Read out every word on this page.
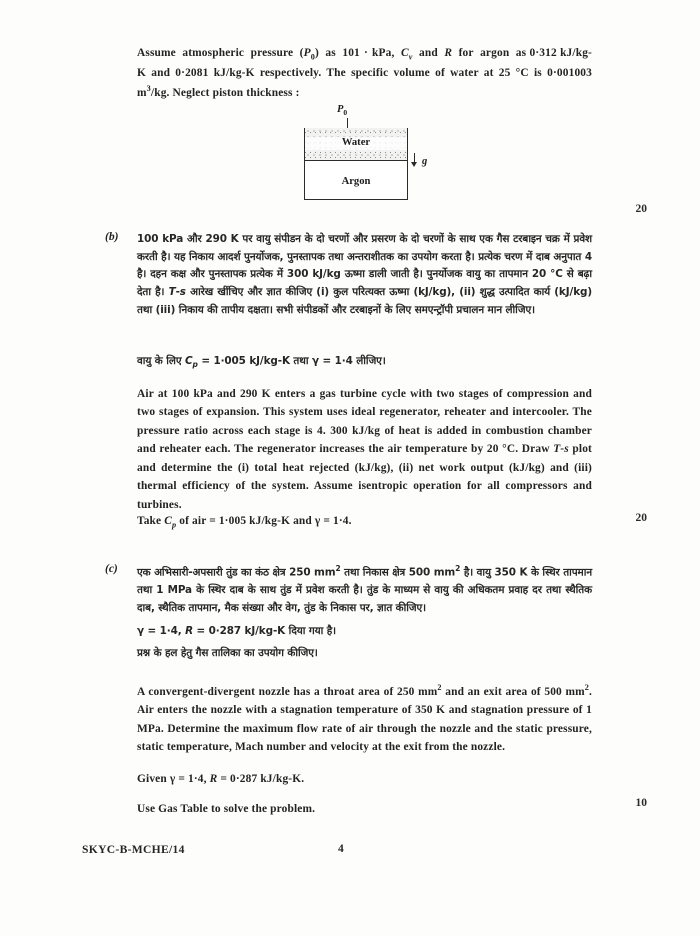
Assume  atmospheric  pressure  $(P_0)$  as  101 · kPa,  $C_v$  and  R  for  argon  as 0·312 kJ/kg-K and 0·2081 kJ/kg-K respectively. The specific volume of water at 25 °C is 0·001003 $m^3/kg$. Neglect piston thickness :
$P_0$
Water
Argon
g
20
(b) 100 kPa और 290 K पर वायु संपीडन के दो चरणों और प्रसरण के दो चरणों के साथ एक गैस टरबाइन चक्र में प्रवेश करती है। यह निकाय आदर्श पुनर्योजक, पुनस्तापक तथा अन्तराशीतक का उपयोग करता है। प्रत्येक चरण में दाब अनुपात 4 है। दहन कक्ष और पुनस्तापक प्रत्येक में 300 kJ/kg ऊष्मा डाली जाती है। पुनर्योजक वायु का तापमान 20 °C से बढ़ा देता है। T-s आरेख खींचिए और ज्ञात कीजिए (i) कुल परित्यक्त ऊष्मा (kJ/kg), (ii) शुद्ध उत्पादित कार्य (kJ/kg) तथा (iii) निकाय की तापीय दक्षता। सभी संपीडकों और टरबाइनों के लिए समएन्ट्रॉपी प्रचालन मान लीजिए।
वायु के लिए $C_p = 1\cdot 005$ kJ/kg-K तथा γ = 1·4 लीजिए।
Air at 100 kPa and 290 K enters a gas turbine cycle with two stages of compression and two stages of expansion. This system uses ideal regenerator, reheater and intercooler. The pressure ratio across each stage is 4. 300 kJ/kg of heat is added in combustion chamber and reheater each. The regenerator increases the air temperature by 20 °C. Draw T-s plot and determine the (i) total heat rejected (kJ/kg), (ii) net work output (kJ/kg) and (iii) thermal efficiency of the system. Assume isentropic operation for all compressors and turbines.
Take $C_p$ of air = 1·005 kJ/kg-K and γ = 1·4.	20
(c) एक अभिसारी-अपसारी तुंड का कंठ क्षेत्र 250 $mm^2$ तथा निकास क्षेत्र 500 $mm^2$ है। वायु 350 K के स्थिर तापमान तथा 1 MPa के स्थिर दाब के साथ तुंड में प्रवेश करती है। तुंड के माध्यम से वायु की अधिकतम प्रवाह दर तथा स्थैतिक दाब, स्थैतिक तापमान, मैक संख्या और वेग, तुंड के निकास पर, ज्ञात कीजिए।
γ = 1·4, R = 0·287 kJ/kg-K दिया गया है।
प्रश्न के हल हेतु गैस तालिका का उपयोग कीजिए।
A convergent-divergent nozzle has a throat area of 250 $mm^2$ and an exit area of 500 $mm^2$. Air enters the nozzle with a stagnation temperature of 350 K and stagnation pressure of 1 MPa. Determine the maximum flow rate of air through the nozzle and the static pressure, static temperature, Mach number and velocity at the exit from the nozzle.
Given γ = 1·4, R = 0·287 kJ/kg-K.
Use Gas Table to solve the problem.	10
SKYC-B-MCHE/14	4
